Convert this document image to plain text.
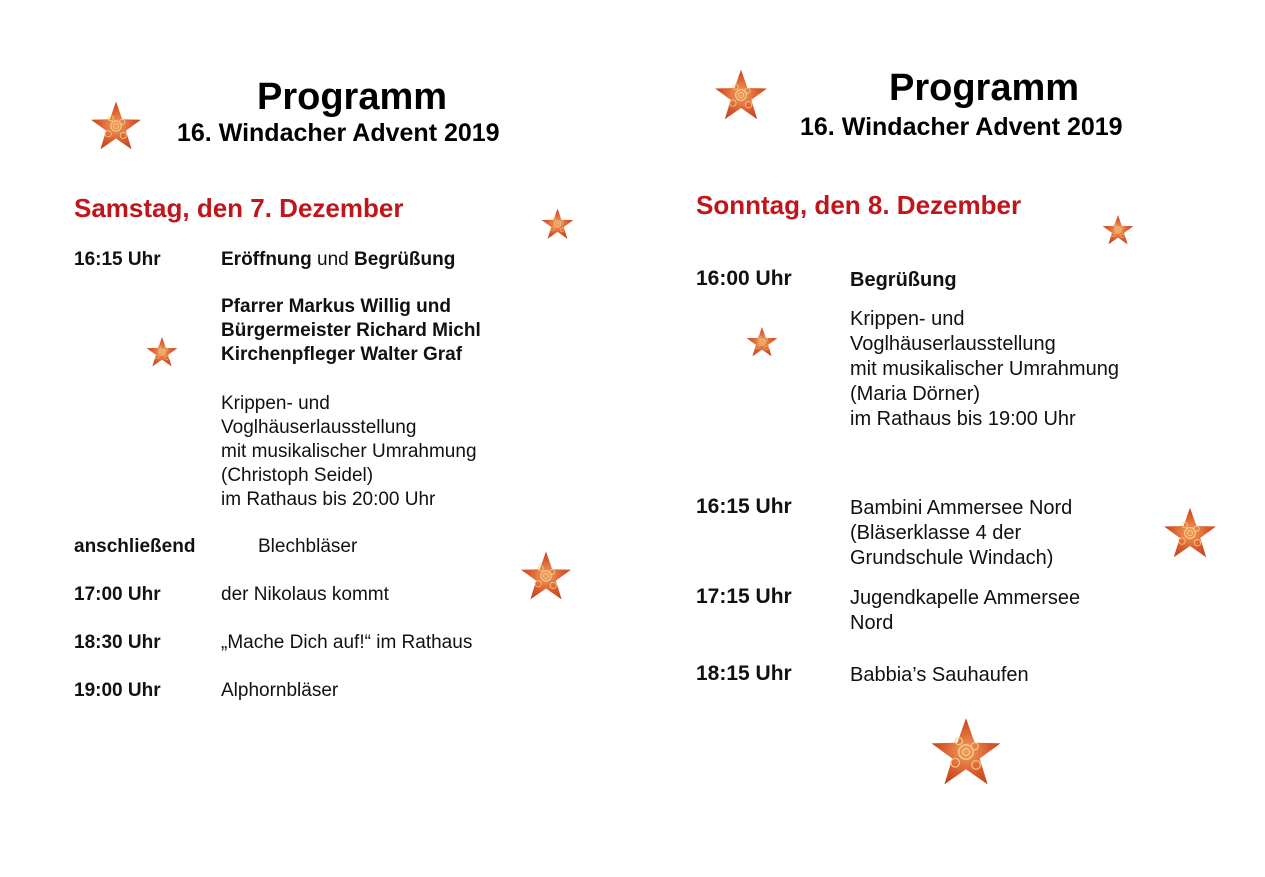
Programm
16. Windacher Advent 2019
Samstag, den 7. Dezember
16:15 Uhr	Eröffnung und Begrüßung
Pfarrer Markus Willig und
Bürgermeister Richard Michl
Kirchenpfleger Walter Graf
Krippen- und
Voglhäuserlausstellung
mit musikalischer Umrahmung
(Christoph Seidel)
im Rathaus bis 20:00 Uhr
anschließend	Blechbläser
17:00 Uhr	der Nikolaus kommt
18:30 Uhr	„Mache Dich auf!“ im Rathaus
19:00 Uhr	Alphornbläser
Programm
16. Windacher Advent 2019
Sonntag, den 8. Dezember
16:00 Uhr	Begrüßung
Krippen- und
Voglhäuserlausstellung
mit musikalischer Umrahmung
(Maria Dörner)
im Rathaus bis 19:00 Uhr
16:15 Uhr	Bambini Ammersee Nord
(Bläserklasse 4 der
Grundschule Windach)
17:15 Uhr	Jugendkapelle Ammersee
Nord
18:15 Uhr	Babbia’s Sauhaufen
